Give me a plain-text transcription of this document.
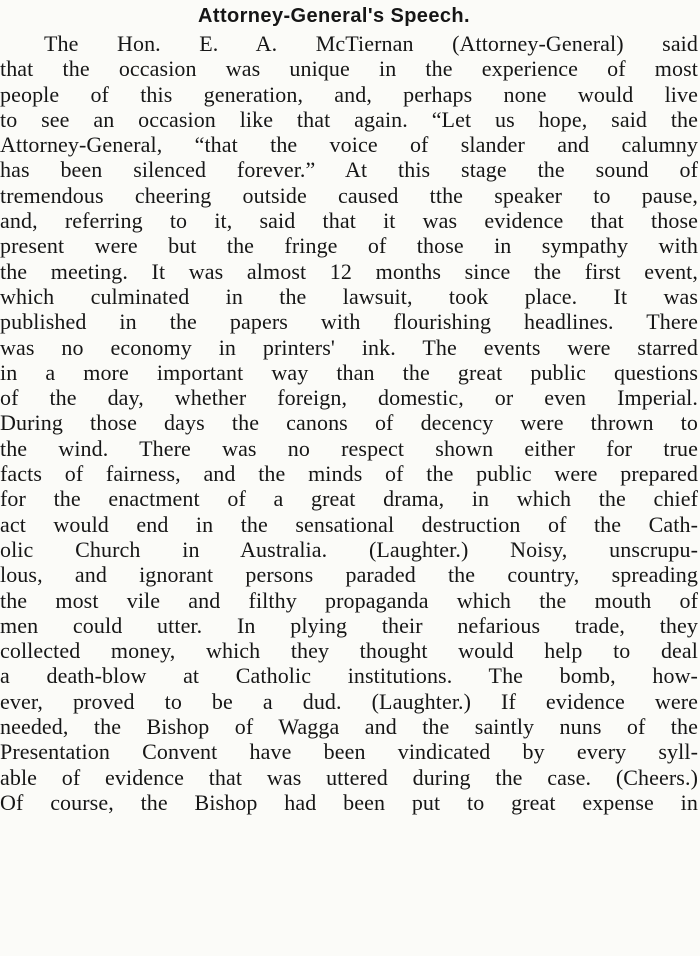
Attorney-General's Speech.
The Hon. E. A. McTiernan (Attorney-General) said
that the occasion was unique in the experience of most
people of this generation, and, perhaps none would live
to see an occasion like that again. “Let us hope, said the
Attorney-General, “that the voice of slander and calumny
has been silenced forever.” At this stage the sound of
tremendous cheering outside caused tthe speaker to pause,
and, referring to it, said that it was evidence that those
present were but the fringe of those in sympathy with
the meeting. It was almost 12 months since the first event,
which culminated in the lawsuit, took place. It was
published in the papers with flourishing headlines. There
was no economy in printers' ink. The events were starred
in a more important way than the great public questions
of the day, whether foreign, domestic, or even Imperial.
During those days the canons of decency were thrown to
the wind. There was no respect shown either for true
facts of fairness, and the minds of the public were prepared
for the enactment of a great drama, in which the chief
act would end in the sensational destruction of the Cath-
olic Church in Australia. (Laughter.) Noisy, unscrupu-
lous, and ignorant persons paraded the country, spreading
the most vile and filthy propaganda which the mouth of
men could utter. In plying their nefarious trade, they
collected money, which they thought would help to deal
a death-blow at Catholic institutions. The bomb, how-
ever, proved to be a dud. (Laughter.) If evidence were
needed, the Bishop of Wagga and the saintly nuns of the
Presentation Convent have been vindicated by every syll-
able of evidence that was uttered during the case. (Cheers.)
Of course, the Bishop had been put to great expense in
